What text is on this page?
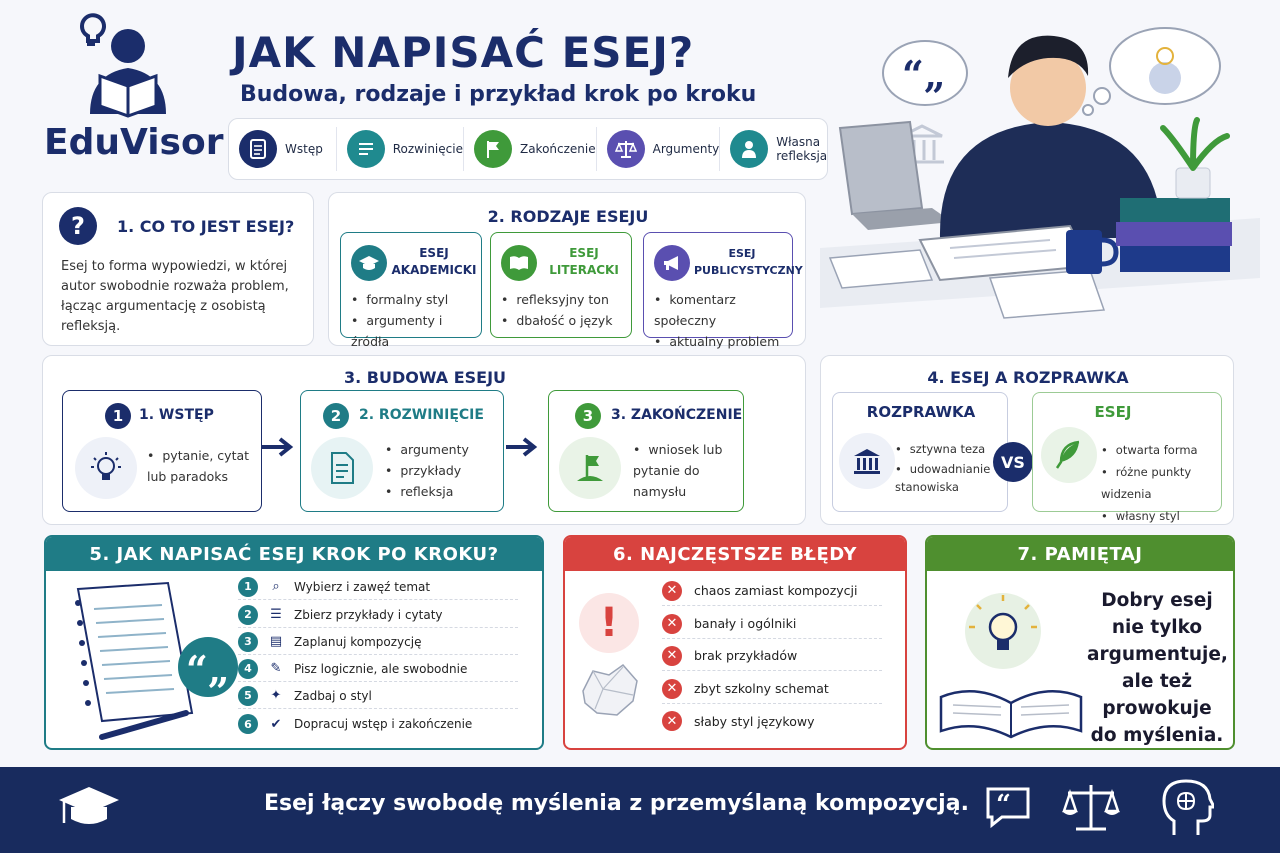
EduVisor
JAK NAPISAĆ ESEJ?
Budowa, rodzaje i przykład krok po kroku
Wstęp	Rozwinięcie	Zakończenie	Argumenty	Własna refleksja
“„
?	1. CO TO JEST ESEJ?
Esej to forma wypowiedzi, w której autor swobodnie rozważa problem, łącząc argumentację z osobistą refleksją.
2. RODZAJE ESEJU
ESEJ AKADEMICKI
• formalny styl
• argumenty i źródła
ESEJ LITERACKI
• refleksyjny ton
• dbałość o język
ESEJ PUBLICYSTYCZNY
• komentarz społeczny
• aktualny problem
3. BUDOWA ESEJU
1	1. WSTĘP
• pytanie, cytat lub paradoks
2	2. ROZWINIĘCIE
• argumenty
• przykłady
• refleksja
3	3. ZAKOŃCZENIE
• wniosek lub pytanie do namysłu
4. ESEJ A ROZPRAWKA
ROZPRAWKA
• sztywna teza
• udowadnianie stanowiska
VS
ESEJ
• otwarta forma
• różne punkty widzenia
• własny styl
5. JAK NAPISAĆ ESEJ KROK PO KROKU?
“„
1	⌕	Wybierz i zawęź temat
2	☰	Zbierz przykłady i cytaty
3	▤ Zaplanuj kompozycję
4	✎	Pisz logicznie, ale swobodnie
5	✦	Zadbaj o styl
6	✔	Dopracuj wstęp i zakończenie
6. NAJCZĘSTSZE BŁĘDY
!
✕	chaos zamiast kompozycji
✕	banały i ogólniki
✕	brak przykładów
✕	zbyt szkolny schemat
✕	słaby styl językowy
7. PAMIĘTAJ
Dobry esej nie tylko argumentuje, ale też prowokuje do myślenia.
Esej łączy swobodę myślenia z przemyślaną kompozycją. “
